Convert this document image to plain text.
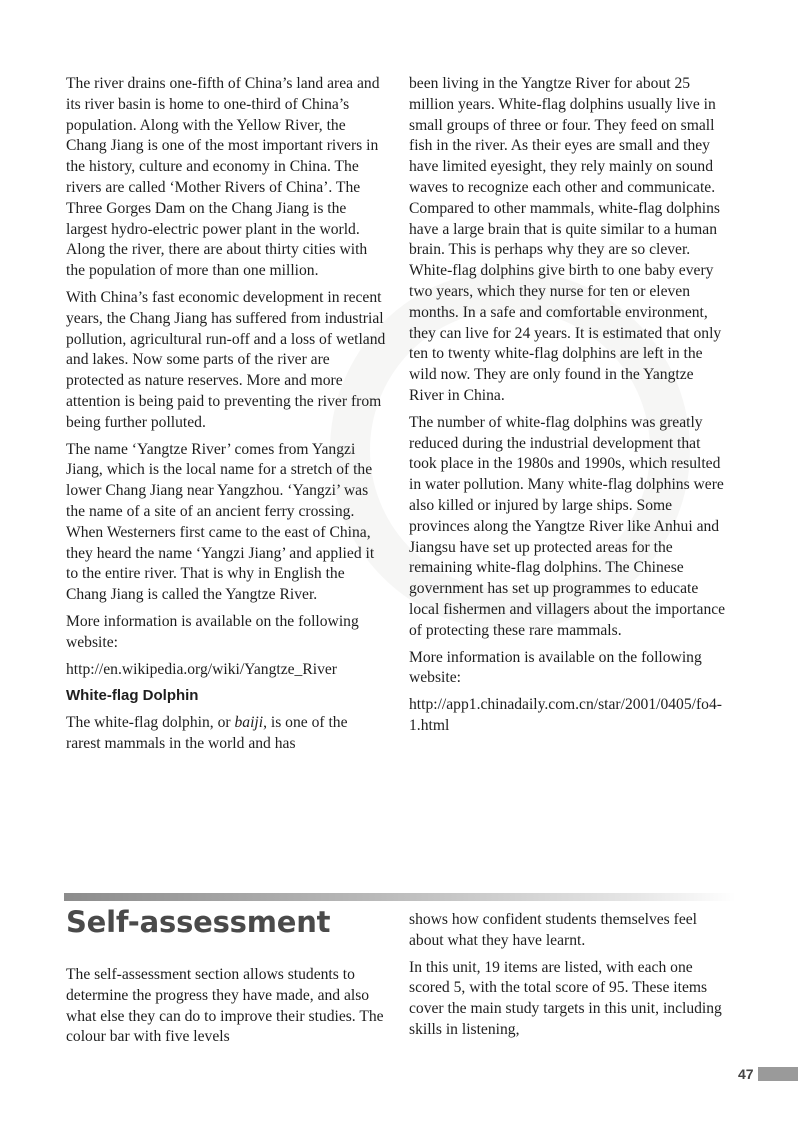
The river drains one-fifth of China’s land area and its river basin is home to one-third of China’s population. Along with the Yellow River, the Chang Jiang is one of the most important rivers in the history, culture and economy in China. The rivers are called ‘Mother Rivers of China’. The Three Gorges Dam on the Chang Jiang is the largest hydro-electric power plant in the world. Along the river, there are about thirty cities with the population of more than one million.

With China’s fast economic development in recent years, the Chang Jiang has suffered from industrial pollution, agricultural run-off and a loss of wetland and lakes. Now some parts of the river are protected as nature reserves. More and more attention is being paid to preventing the river from being further polluted.

The name ‘Yangtze River’ comes from Yangzi Jiang, which is the local name for a stretch of the lower Chang Jiang near Yangzhou. ‘Yangzi’ was the name of a site of an ancient ferry crossing. When Westerners first came to the east of China, they heard the name ‘Yangzi Jiang’ and applied it to the entire river. That is why in English the Chang Jiang is called the Yangtze River.

More information is available on the following website:

http://en.wikipedia.org/wiki/Yangtze_River

White-flag Dolphin

The white-flag dolphin, or baiji, is one of the rarest mammals in the world and has

been living in the Yangtze River for about 25 million years. White-flag dolphins usually live in small groups of three or four. They feed on small fish in the river. As their eyes are small and they have limited eyesight, they rely mainly on sound waves to recognize each other and communicate. Compared to other mammals, white-flag dolphins have a large brain that is quite similar to a human brain. This is perhaps why they are so clever. White-flag dolphins give birth to one baby every two years, which they nurse for ten or eleven months. In a safe and comfortable environment, they can live for 24 years. It is estimated that only ten to twenty white-flag dolphins are left in the wild now. They are only found in the Yangtze River in China.

The number of white-flag dolphins was greatly reduced during the industrial development that took place in the 1980s and 1990s, which resulted in water pollution. Many white-flag dolphins were also killed or injured by large ships. Some provinces along the Yangtze River like Anhui and Jiangsu have set up protected areas for the remaining white-flag dolphins. The Chinese government has set up programmes to educate local fishermen and villagers about the importance of protecting these rare mammals.

More information is available on the following website:

http://app1.chinadaily.com.cn/star/2001/0405/fo4-1.html

Self-assessment

The self-assessment section allows students to determine the progress they have made, and also what else they can do to improve their studies. The colour bar with five levels

shows how confident students themselves feel about what they have learnt.

In this unit, 19 items are listed, with each one scored 5, with the total score of 95. These items cover the main study targets in this unit, including skills in listening,

47
